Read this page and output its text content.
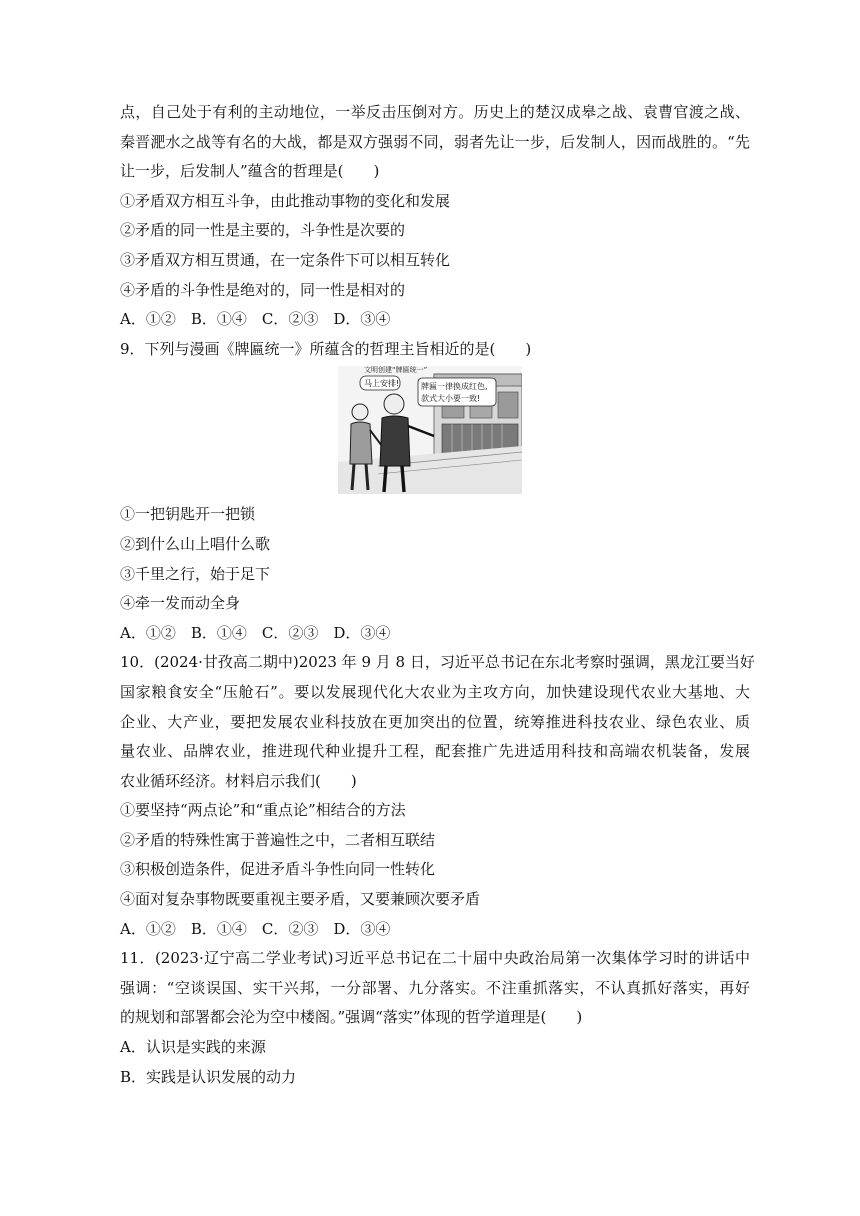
点，自己处于有利的主动地位，一举反击压倒对方。历史上的楚汉成皋之战、袁曹官渡之战、
秦晋淝水之战等有名的大战，都是双方强弱不同，弱者先让一步，后发制人，因而战胜的。“先
让一步，后发制人”蕴含的哲理是(　　)
①矛盾双方相互斗争，由此推动事物的变化和发展
②矛盾的同一性是主要的，斗争性是次要的
③矛盾双方相互贯通，在一定条件下可以相互转化
④矛盾的斗争性是绝对的，同一性是相对的
A．①②　B．①④　C．②③　D．③④
9．下列与漫画《牌匾统一》所蕴含的哲理主旨相近的是(　　)
文明创建“牌匾统一”
马上安排!	牌匾一律换成红色,
款式大小要一致!
①一把钥匙开一把锁
②到什么山上唱什么歌
③千里之行，始于足下
④牵一发而动全身
A．①②　B．①④　C．②③　D．③④
10．(2024·甘孜高二期中)2023 年 9 月 8 日，习近平总书记在东北考察时强调，黑龙江要当好
国家粮食安全“压舱石”。要以发展现代化大农业为主攻方向，加快建设现代农业大基地、大
企业、大产业，要把发展农业科技放在更加突出的位置，统筹推进科技农业、绿色农业、质
量农业、品牌农业，推进现代种业提升工程，配套推广先进适用科技和高端农机装备，发展
农业循环经济。材料启示我们(　　)
①要坚持“两点论”和“重点论”相结合的方法
②矛盾的特殊性寓于普遍性之中，二者相互联结
③积极创造条件，促进矛盾斗争性向同一性转化
④面对复杂事物既要重视主要矛盾，又要兼顾次要矛盾
A．①②　B．①④　C．②③　D．③④
11．(2023·辽宁高二学业考试)习近平总书记在二十届中央政治局第一次集体学习时的讲话中
强调：“空谈误国、实干兴邦，一分部署、九分落实。不注重抓落实，不认真抓好落实，再好
的规划和部署都会沦为空中楼阁。”强调“落实”体现的哲学道理是(　　)
A．认识是实践的来源
B．实践是认识发展的动力
